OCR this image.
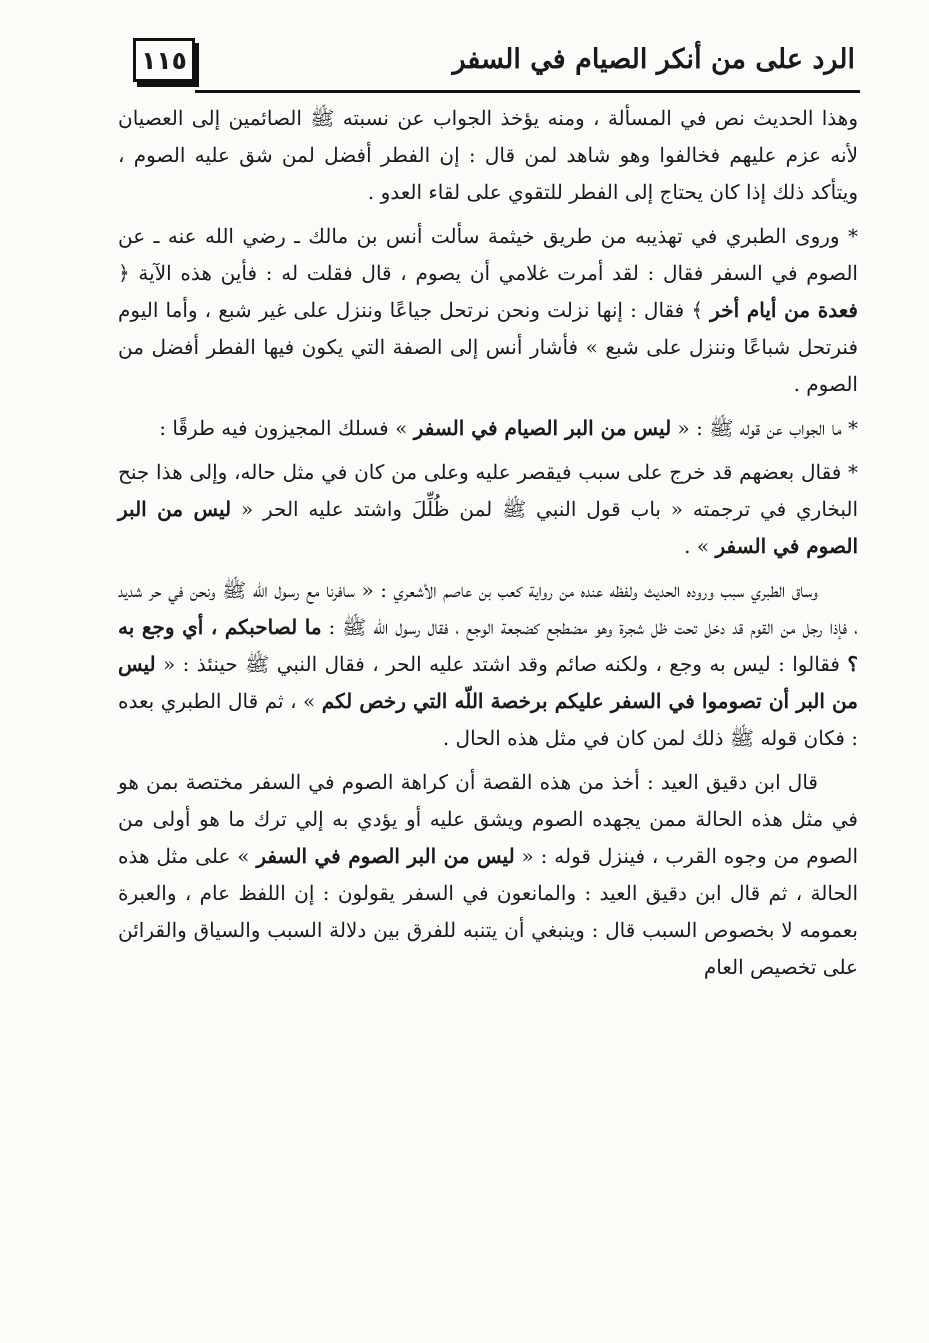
١١٥	الرد على من أنكر الصيام في السفر

وهذا الحديث نص في المسألة ، ومنه يؤخذ الجواب عن نسبته ﷺ الصائمين إلى العصيان لأنه عزم عليهم فخالفوا وهو شاهد لمن قال : إن الفطر أفضل لمن شق عليه الصوم ، ويتأكد ذلك إذا كان يحتاج إلى الفطر للتقوي على لقاء العدو .

* وروى الطبري في تهذيبه من طريق خيثمة سألت أنس بن مالك ـ رضي الله عنه ـ عن الصوم في السفر فقال : لقد أمرت غلامي أن يصوم ، قال فقلت له : فأين هذه الآية ﴿ فعدة من أيام أخر ﴾ فقال : إنها نزلت ونحن نرتحل جياعًا وننزل على غير شبع ، وأما اليوم فنرتحل شباعًا وننزل على شبع » فأشار أنس إلى الصفة التي يكون فيها الفطر أفضل من الصوم .

* ما الجواب عن قوله ﷺ : « ليس من البر الصيام في السفر » فسلك المجيزون فيه طرقًا :

* فقال بعضهم قد خرج على سبب فيقصر عليه وعلى من كان في مثل حاله، وإلى هذا جنح البخاري في ترجمته « باب قول النبي ﷺ لمن ظُلِّلَ واشتد عليه الحر « ليس من البر الصوم في السفر » .

وساق الطبري سبب وروده الحديث ولفظه عنده من رواية كعب بن عاصم الأشعري : « سافرنا مع رسول اللّه ﷺ ونحن في حر شديد ، فإذا رجل من القوم قد دخل تحت ظل شجرة وهو مضطجع كضجعة الوجع ، فقال رسول اللّه ﷺ : ما لصاحبكم ، أي وجع به ؟ فقالوا : ليس به وجع ، ولكنه صائم وقد اشتد عليه الحر ، فقال النبي ﷺ حينئذ : « ليس من البر أن تصوموا في السفر عليكم برخصة اللّه التي رخص لكم » ، ثم قال الطبري بعده : فكان قوله ﷺ ذلك لمن كان في مثل هذه الحال .

قال ابن دقيق العيد : أخذ من هذه القصة أن كراهة الصوم في السفر مختصة بمن هو في مثل هذه الحالة ممن يجهده الصوم ويشق عليه أو يؤدي به إلي ترك ما هو أولى من الصوم من وجوه القرب ، فينزل قوله : « ليس من البر الصوم في السفر » على مثل هذه الحالة ، ثم قال ابن دقيق العيد : والمانعون في السفر يقولون : إن اللفظ عام ، والعبرة بعمومه لا بخصوص السبب قال : وينبغي أن يتنبه للفرق بين دلالة السبب والسياق والقرائن على تخصيص العام
